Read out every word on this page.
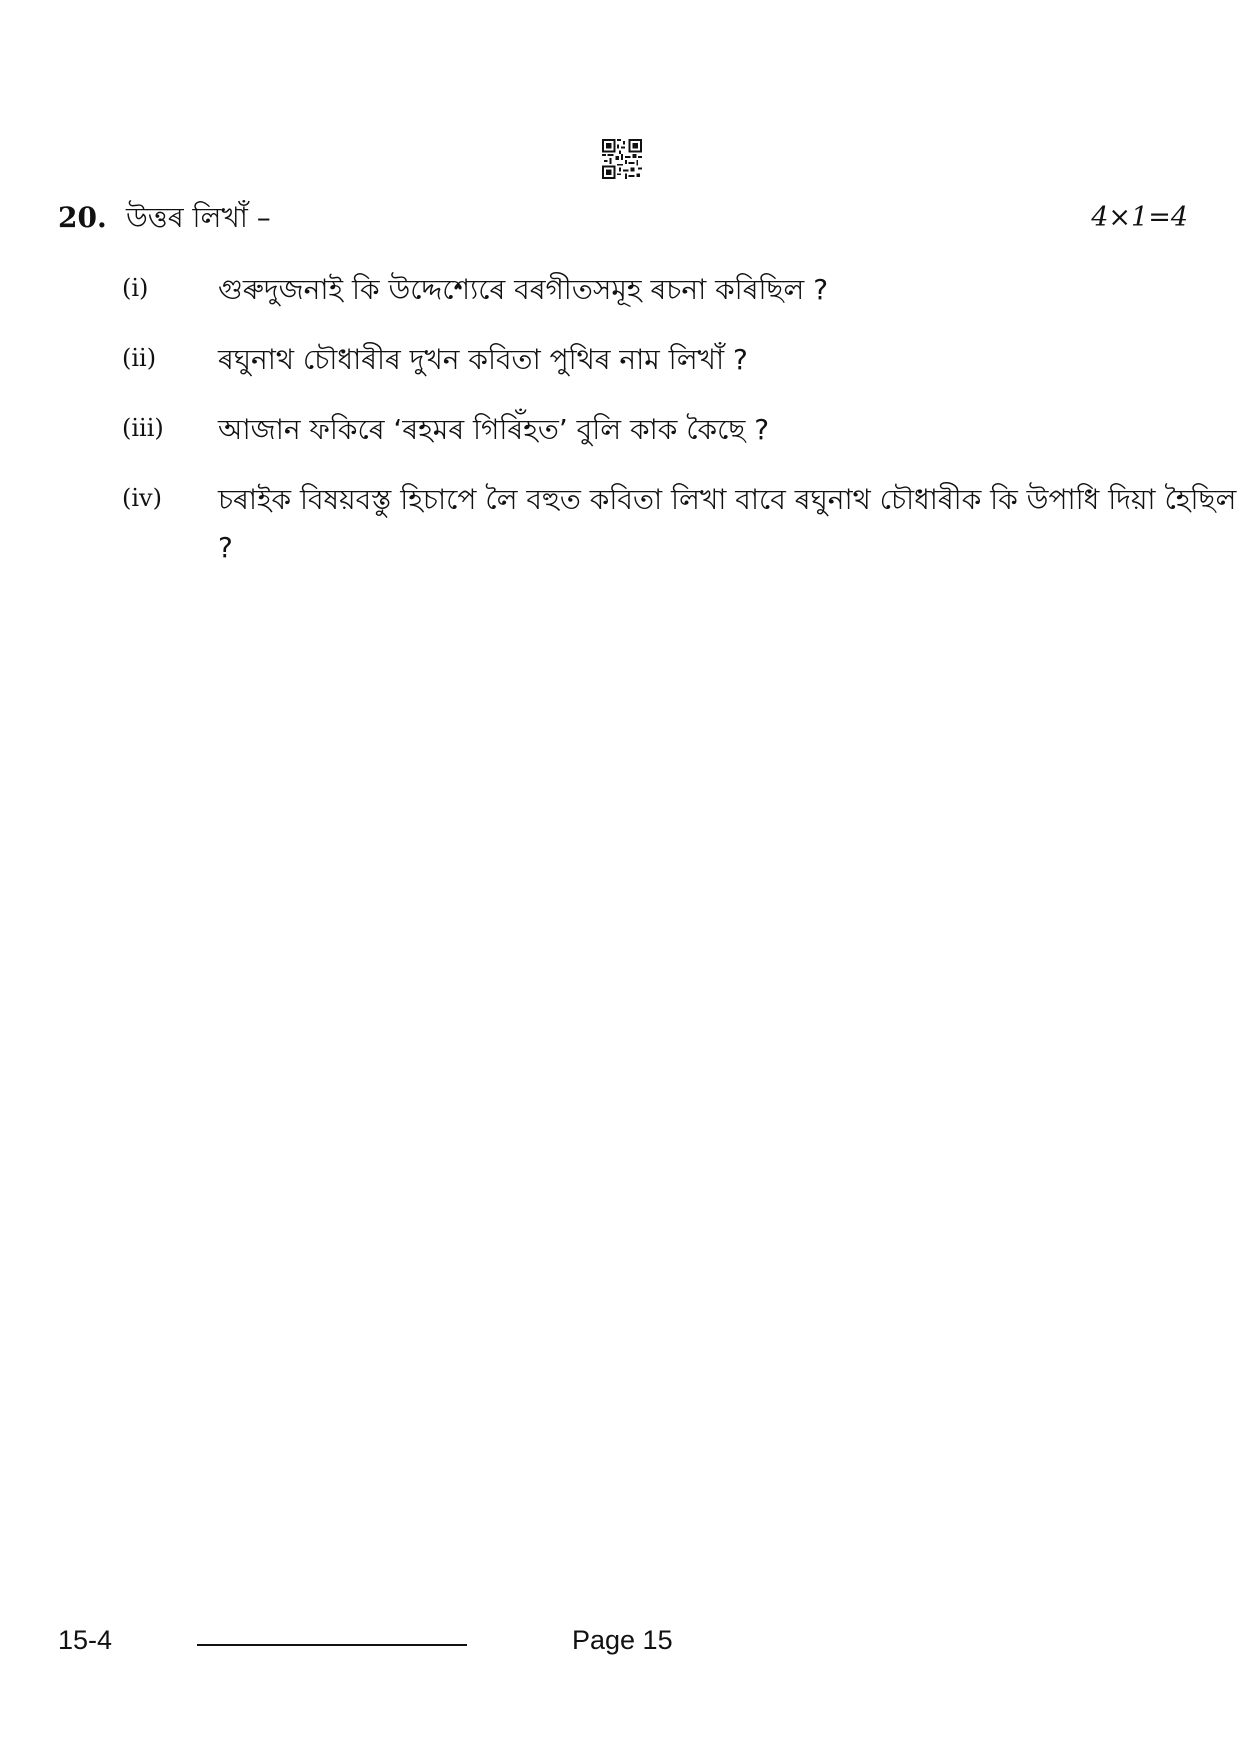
20. উত্তৰ লিখাঁ –	4×1=4
(i) গুৰুদুজনাই কি উদ্দেশ্যেৰে বৰগীতসমূহ ৰচনা কৰিছিল ?
(ii) ৰঘুনাথ চৌধাৰীৰ দুখন কবিতা পুথিৰ নাম লিখাঁ ?
(iii) আজান ফকিৰে ‘ৰহমৰ গিৰিঁহত’ বুলি কাক কৈছে ?
(iv) চৰাইক বিষয়বস্তু হিচাপে লৈ বহুত কবিতা লিখা বাবে ৰঘুনাথ চৌধাৰীক কি উপাধি দিয়া হৈছিল ?
15-4	Page 15
